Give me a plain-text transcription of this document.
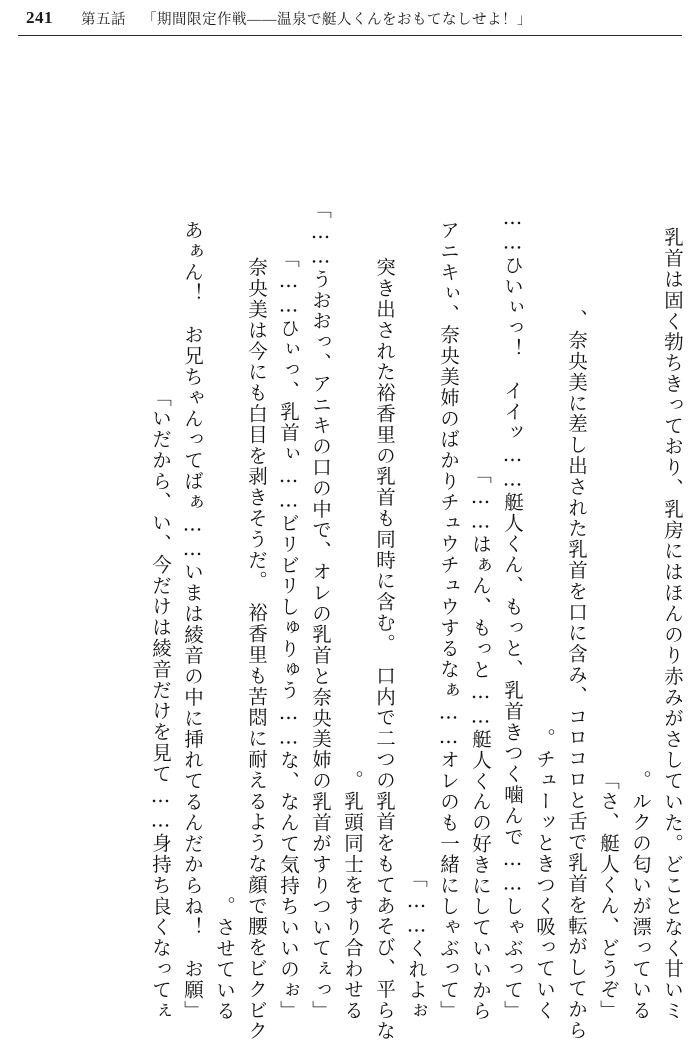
241 第五話 「期間限定作戦——温泉で艇人くんをおもてなしせよ！」
乳首は固く勃ちきっており、乳房にはほんのり赤みがさしていた。どことなく甘いミ
ルクの匂いが漂っている。
「さ、艇人くん、どうぞ」
奈央美に差し出された乳首を口に含み、コロコロと舌で乳首を転がしてから、
チューッときつく吸っていく。
「ひいぃっ！　イイッ……艇人くん、もっと、乳首きつく噛んで……しゃぶって……
はぁん、もっと……艇人くんの好きにしていいから……」
「アニキぃ、奈央美姉のばかりチュウチュウするなぁ……オレのも一緒にしゃぶって
くれよぉ……」
突き出された裕香里の乳首も同時に含む。　口内で二つの乳首をもてあそび、平らな
乳頭同士をすり合わせる。
「うおおっ、アニキの口の中で、オレの乳首と奈央美姉の乳首がすりついてぇっ……」
「ひぃっ、乳首ぃ……ビリビリしゅりゅう……な、なんて気持ちいいのぉ……」
奈央美は今にも白目を剥きそうだ。　裕香里も苦悶に耐えるような顔で腰をビクビク
させている。
「あぁん！　お兄ちゃんってばぁ……いまは綾音の中に挿れてるんだからね！　お願
いだから、い、今だけは綾音だけを見て……身持ち良くなってぇ」
